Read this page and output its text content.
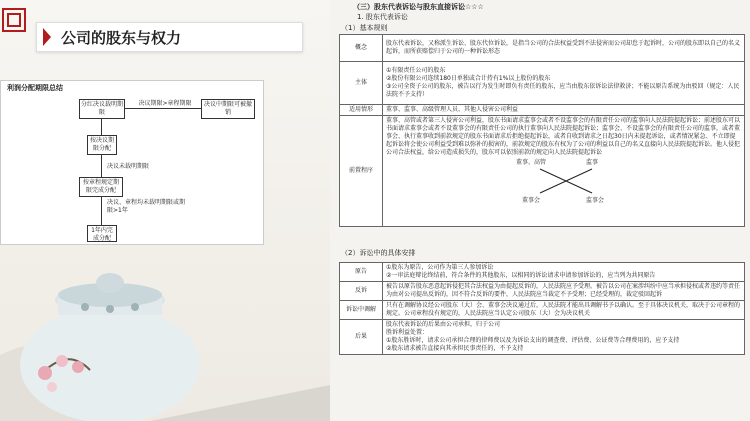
公司的股东与权力
利润分配期限总结
分红决议载明期限
决议期限>章程期限	决议中期限可被撤销
按决议期限分配
决议未载明期限
按章程规定期限完成分配
决议、章程均未载明期限或期限>1年
1年内完成分配
（三）股东代表诉讼与股东直接诉讼☆☆☆
1. 股东代表诉讼
（1）基本规则
概念	股东代表诉讼，又称派生诉讼、股东代位诉讼，是指当公司的合法权益受到不法侵害而公司却怠于起诉时，公司的股东即以自己的名义起诉，而所获赔偿归于公司的一种诉讼形态
主体	①有限责任公司的股东
②股份有限公司连续180日单独或合计持有1%以上股份的股东
③公司全资子公司的股东，被告以行为发生时即负有责任的股东，应当由股东依诉讼法律救济；不能以原告系统为由驳回（规定：人民法院不予支持）
适用情形	董事、监事、高级管理人员、其他人侵害公司利益
前置程序	董事、高管或者第三人侵害公司利益，股东书面请求监事会或者不设监事会的有限责任公司的监事向人民法院提起诉讼；前述股东可以书面请求董事会或者不设董事会的有限责任公司的执行董事向人民法院提起诉讼；监事会、不设监事会的有限责任公司的监事，或者董事会、执行董事收到前款规定的股东书面请求后拒绝提起诉讼，或者自收到请求之日起30日内未提起诉讼，或者情况紧急、不立即提起诉讼将会使公司利益受到难以弥补的损害的，前款规定的股东有权为了公司的利益以自己的名义直接向人民法院提起诉讼。他人侵犯公司合法权益，给公司造成损失的，股东可以依照前款的规定向人民法院提起诉讼
董事、高管 监事
董事会 监事会
（2）诉讼中的具体安排
原告	①股东为原告，公司作为第三人参加诉讼
②一审法庭辩论终结前，符合条件的其他股东，以相同的诉讼请求申请参加诉讼的，应当列为共同原告
反诉	被告以原告股东恶意起诉侵犯其合法权益为由提起反诉的，人民法院应予受理。被告以公司在案涉纠纷中应当承担侵权或者违约等责任为由对公司提出反诉的，因不符合反诉的要件，人民法院应当裁定不予受理；已经受理的，裁定驳回起诉
诉讼中调解	只有在调解协议经公司股东（大）会、董事会决议通过后，人民法院才能出具调解书予以确认。至于具体决议机关，取决于公司章程的规定。公司章程没有规定的，人民法院应当认定公司股东（大）会为决议机关
后果	股东代表诉讼的后果由公司承担，归于公司
胜诉利益处置：
①股东胜诉时，请求公司承担合理的律师费以及为诉讼支出的调查费、评估费、公证费等合理费用的，应予支持
②股东请求被告直接向其承担民事责任的，不予支持
